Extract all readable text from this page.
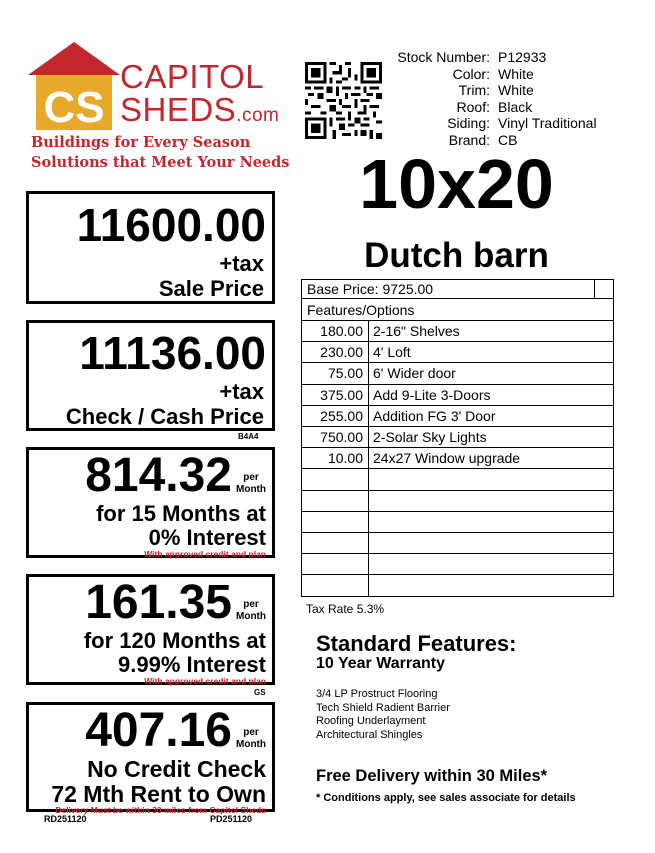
CS
CAPITOL
SHEDS.com
Buildings for Every Season
Solutions that Meet Your Needs
Stock Number: P12933
Color: White
Trim: White
Roof: Black
Siding: Vinyl Traditional
Brand: CB
10x20
Dutch barn
11600.00
+tax
Sale Price
11136.00
+tax
Check / Cash Price
B4A4
814.32	per
Month
for 15 Months at
0% Interest
With approved credit and plan
161.35	per
Month
for 120 Months at
9.99% Interest
With approved credit and plan
GS
407.16	per
Month
No Credit Check
72 Mth Rent to Own
Delivery Must be within 30 miles from Capitol Sheds
RD251120	PD251120
Base Price: 9725.00
Features/Options
180.00 2-16" Shelves
230.00 4' Loft
75.00 6' Wider door
375.00 Add 9-Lite 3-Doors
255.00 Addition FG 3' Door
750.00 2-Solar Sky Lights
10.00 24x27 Window upgrade
Tax Rate 5.3%
Standard Features:
10 Year Warranty
3/4 LP Prostruct Flooring
Tech Shield Radient Barrier
Roofing Underlayment
Architectural Shingles
Free Delivery within 30 Miles*
* Conditions apply, see sales associate for details
